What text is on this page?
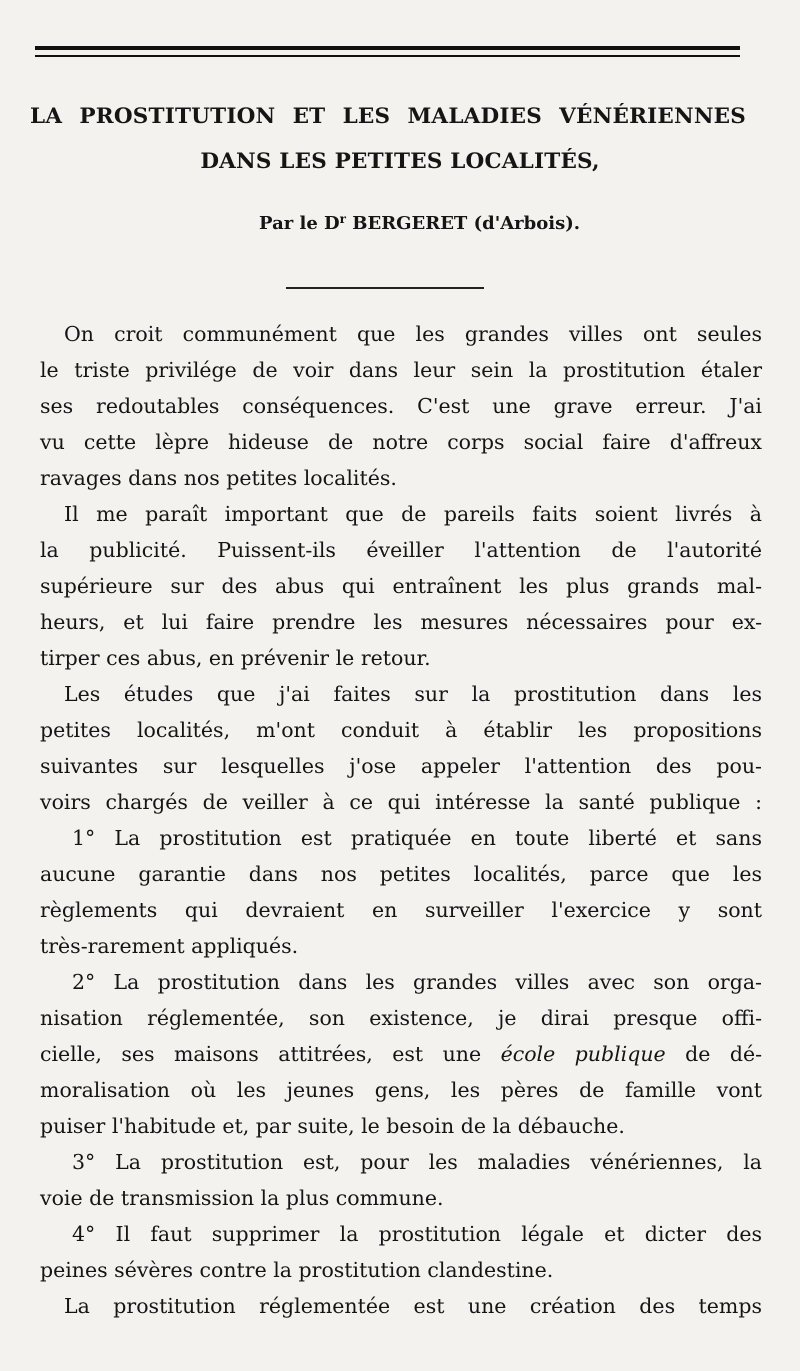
LA PROSTITUTION ET LES MALADIES VÉNÉRIENNES
DANS LES PETITES LOCALITÉS,
Par le $D^r$ BERGERET (d'Arbois).
On croit communément que les grandes villes ont seules
le triste privilége de voir dans leur sein la prostitution étaler
ses redoutables conséquences. C'est une grave erreur. J'ai
vu cette lèpre hideuse de notre corps social faire d'affreux
ravages dans nos petites localités.
Il me paraît important que de pareils faits soient livrés à
la publicité. Puissent-ils éveiller l'attention de l'autorité
supérieure sur des abus qui entraînent les plus grands mal-
heurs, et lui faire prendre les mesures nécessaires pour ex-
tirper ces abus, en prévenir le retour.
Les études que j'ai faites sur la prostitution dans les
petites localités, m'ont conduit à établir les propositions
suivantes sur lesquelles j'ose appeler l'attention des pou-
voirs chargés de veiller à ce qui intéresse la santé publique :
1° La prostitution est pratiquée en toute liberté et sans
aucune garantie dans nos petites localités, parce que les
règlements qui devraient en surveiller l'exercice y sont
très-rarement appliqués.
2° La prostitution dans les grandes villes avec son orga-
nisation réglementée, son existence, je dirai presque offi-
cielle, ses maisons attitrées, est une école publique de dé-
moralisation où les jeunes gens, les pères de famille vont
puiser l'habitude et, par suite, le besoin de la débauche.
3° La prostitution est, pour les maladies vénériennes, la
voie de transmission la plus commune.
4° Il faut supprimer la prostitution légale et dicter des
peines sévères contre la prostitution clandestine.
La prostitution réglementée est une création des temps
